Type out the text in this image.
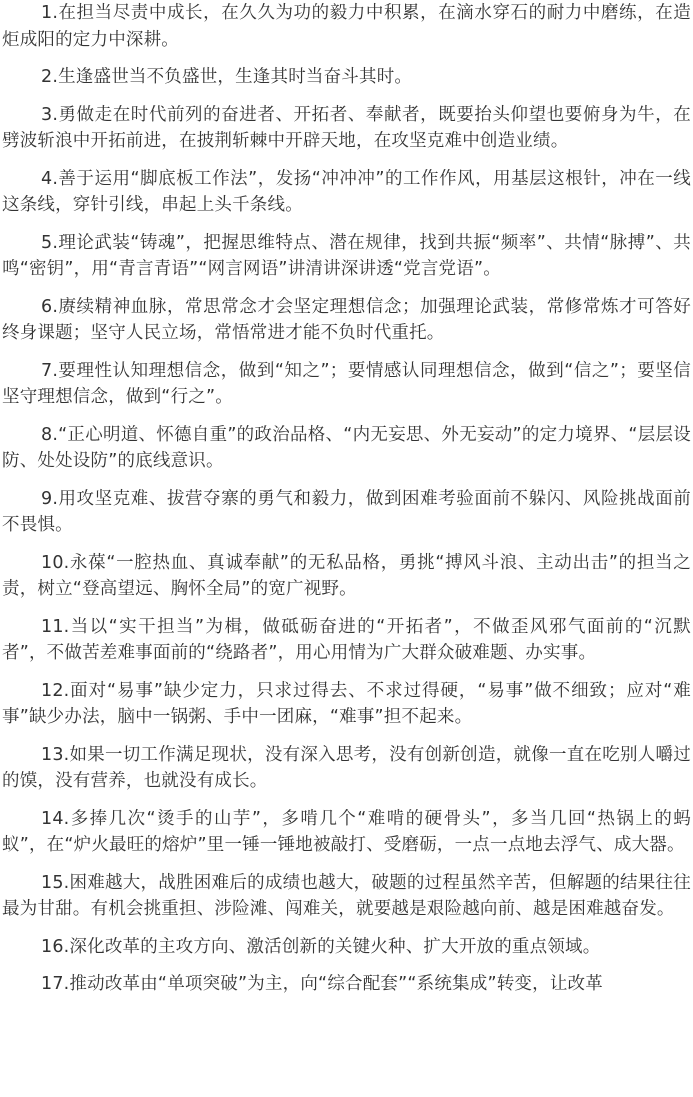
1.在担当尽责中成长，在久久为功的毅力中积累，在滴水穿石的耐力中磨练，在造炬成阳的定力中深耕。

2.生逢盛世当不负盛世，生逢其时当奋斗其时。

3.勇做走在时代前列的奋进者、开拓者、奉献者，既要抬头仰望也要俯身为牛，在劈波斩浪中开拓前进，在披荆斩棘中开辟天地，在攻坚克难中创造业绩。

4.善于运用“脚底板工作法”，发扬“冲冲冲”的工作作风，用基层这根针，冲在一线这条线，穿针引线，串起上头千条线。

5.理论武装“铸魂”，把握思维特点、潜在规律，找到共振“频率”、共情“脉搏”、共鸣“密钥”，用“青言青语”“网言网语”讲清讲深讲透“党言党语”。

6.赓续精神血脉，常思常念才会坚定理想信念；加强理论武装，常修常炼才可答好终身课题；坚守人民立场，常悟常进才能不负时代重托。

7.要理性认知理想信念，做到“知之”；要情感认同理想信念，做到“信之”；要坚信坚守理想信念，做到“行之”。

8.“正心明道、怀德自重”的政治品格、“内无妄思、外无妄动”的定力境界、“层层设防、处处设防”的底线意识。

9.用攻坚克难、拔营夺寨的勇气和毅力，做到困难考验面前不躲闪、风险挑战面前不畏惧。

10.永葆“一腔热血、真诚奉献”的无私品格，勇挑“搏风斗浪、主动出击”的担当之责，树立“登高望远、胸怀全局”的宽广视野。

11.当以“实干担当”为楫，做砥砺奋进的“开拓者”，不做歪风邪气面前的“沉默者”，不做苦差难事面前的“绕路者”，用心用情为广大群众破难题、办实事。

12.面对“易事”缺少定力，只求过得去、不求过得硬，“易事”做不细致；应对“难事”缺少办法，脑中一锅粥、手中一团麻，“难事”担不起来。

13.如果一切工作满足现状，没有深入思考，没有创新创造，就像一直在吃别人嚼过的馍，没有营养，也就没有成长。

14.多捧几次“烫手的山芋”，多啃几个“难啃的硬骨头”，多当几回“热锅上的蚂蚁”，在“炉火最旺的熔炉”里一锤一锤地被敲打、受磨砺，一点一点地去浮气、成大器。

15.困难越大，战胜困难后的成绩也越大，破题的过程虽然辛苦，但解题的结果往往最为甘甜。有机会挑重担、涉险滩、闯难关，就要越是艰险越向前、越是困难越奋发。

16.深化改革的主攻方向、激活创新的关键火种、扩大开放的重点领域。

17.推动改革由“单项突破”为主，向“综合配套”“系统集成”转变，让改革
